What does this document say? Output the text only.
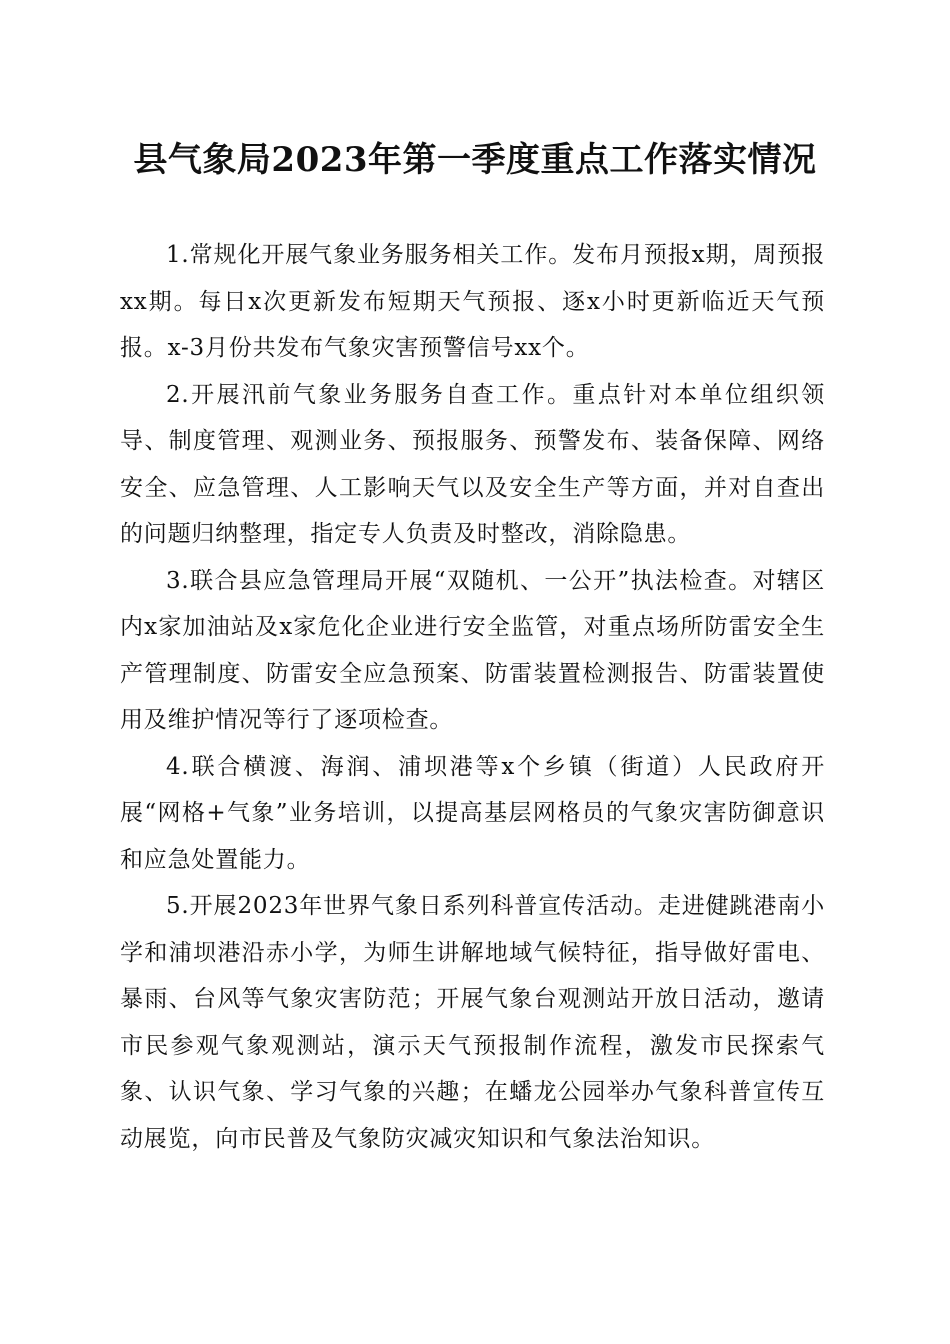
县气象局2023年第一季度重点工作落实情况

1.常规化开展气象业务服务相关工作。发布月预报x期，周预报xx期。每日x次更新发布短期天气预报、逐x小时更新临近天气预报。x-3月份共发布气象灾害预警信号xx个。

2.开展汛前气象业务服务自查工作。重点针对本单位组织领导、制度管理、观测业务、预报服务、预警发布、装备保障、网络安全、应急管理、人工影响天气以及安全生产等方面，并对自查出的问题归纳整理，指定专人负责及时整改，消除隐患。

3.联合县应急管理局开展“双随机、一公开”执法检查。对辖区内x家加油站及x家危化企业进行安全监管，对重点场所防雷安全生产管理制度、防雷安全应急预案、防雷装置检测报告、防雷装置使用及维护情况等行了逐项检查。

4.联合横渡、海润、浦坝港等x个乡镇（街道）人民政府开展“网格+气象”业务培训，以提高基层网格员的气象灾害防御意识和应急处置能力。

5.开展2023年世界气象日系列科普宣传活动。走进健跳港南小学和浦坝港沿赤小学，为师生讲解地域气候特征，指导做好雷电、暴雨、台风等气象灾害防范；开展气象台观测站开放日活动，邀请市民参观气象观测站，演示天气预报制作流程，激发市民探索气象、认识气象、学习气象的兴趣；在蟠龙公园举办气象科普宣传互动展览，向市民普及气象防灾减灾知识和气象法治知识。
